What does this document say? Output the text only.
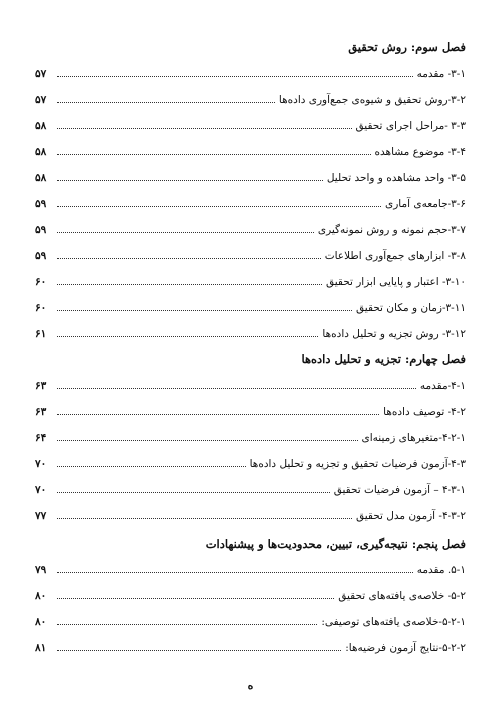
فصل سوم: روش تحقیق
۳-۱- مقدمه
۵۷
۳-۲-روش تحقیق و شیوه‌ی جمع‌آوری داده‌ها
۵۷
۳-۳ -مراحل اجرای تحقیق
۵۸
۳-۴- موضوع مشاهده
۵۸
۳-۵- واحد مشاهده و واحد تحلیل
۵۸
۳-۶-جامعه‌ی آماری
۵۹
۳-۷-حجم نمونه و روش نمونه‌گیری
۵۹
۳-۸- ابزارهای جمع‌آوری اطلاعات
۵۹
۳-۱۰- اعتبار و پایایی ابزار تحقیق
۶۰
۳-۱۱-زمان و مکان تحقیق
۶۰
۳-۱۲- روش تجزیه و تحلیل داده‌ها
۶۱
فصل چهارم: تجزیه و تحلیل داده‌ها
۴-۱-مقدمه
۶۳
۴-۲- توصیف داده‌ها
۶۳
۴-۲-۱-متغیرهای زمینه‌ای
۶۴
۴-۳-آزمون فرضیات تحقیق و تجزیه و تحلیل داده‌ها
۷۰
۴-۳-۱ – آزمون فرضیات تحقیق
۷۰
۴-۳-۲- آزمون مدل تحقیق
۷۷
فصل پنجم: نتیجه‌گیری، تبیین، محدودیت‌ها و پیشنهادات
۵-۱. مقدمه
۷۹
۵-۲- خلاصه‌ی یافته‌های تحقیق
۸۰
۵-۲-۱-خلاصه‌ی یافته‌های توصیفی:
۸۰
۵-۲-۲-نتایج آزمون فرضیه‌ها:
۸۱
ه
